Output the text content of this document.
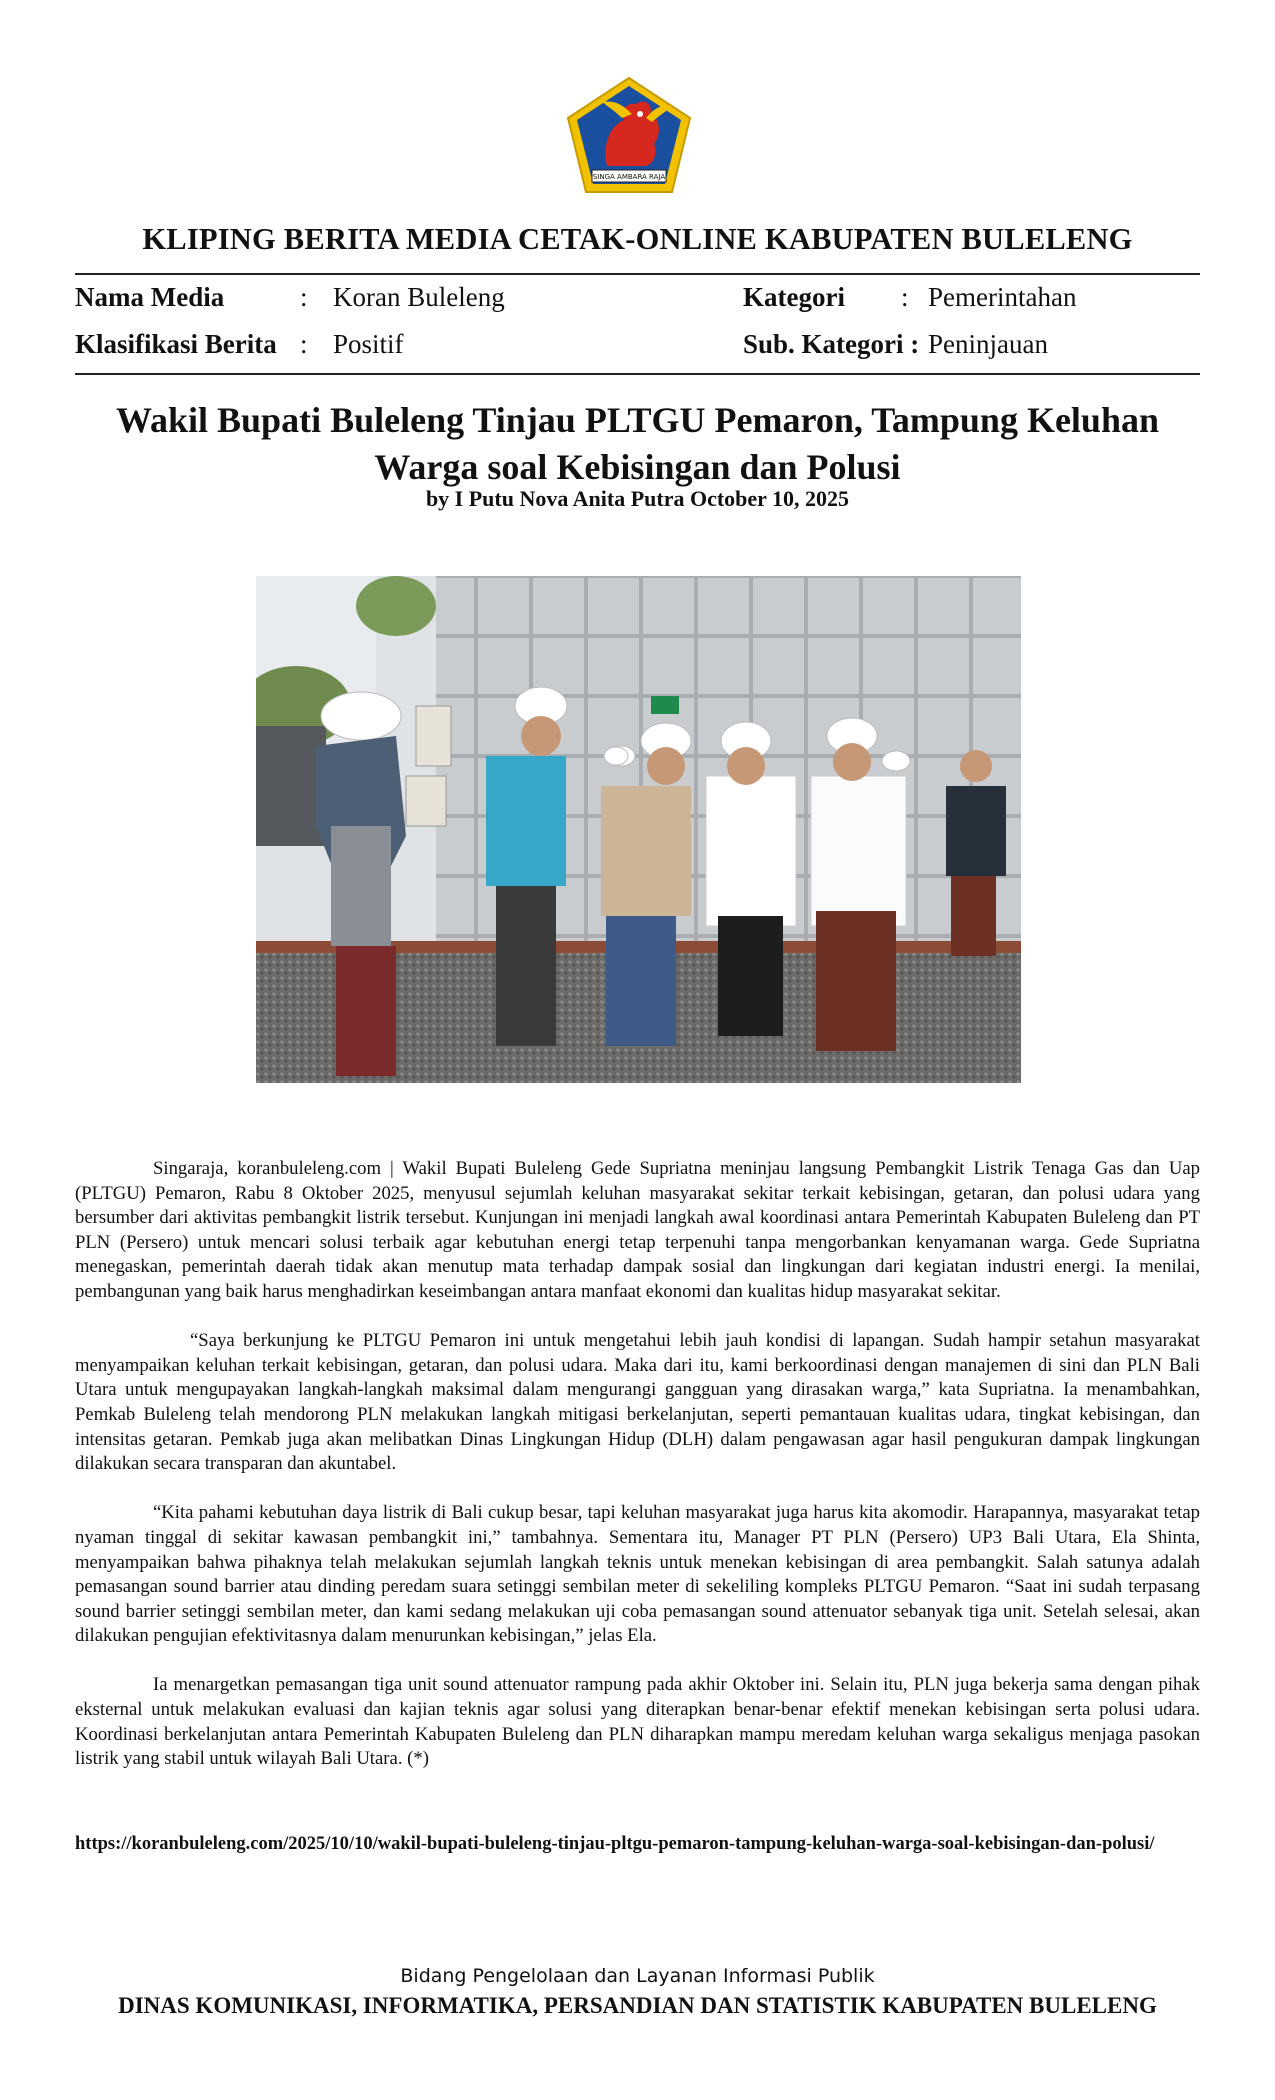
SINGA AMBARA RAJA
KLIPING BERITA MEDIA CETAK-ONLINE KABUPATEN BULELENG
Nama Media	: Koran Buleleng	Kategori : Pemerintahan
Klasifikasi Berita : Positif	Sub. Kategori : Peninjauan
Wakil Bupati Buleleng Tinjau PLTGU Pemaron, Tampung Keluhan
Warga soal Kebisingan dan Polusi
by I Putu Nova Anita Putra October 10, 2025

Singaraja, koranbuleleng.com | Wakil Bupati Buleleng Gede Supriatna meninjau langsung Pembangkit Listrik Tenaga Gas dan Uap (PLTGU) Pemaron, Rabu 8 Oktober 2025, menyusul sejumlah keluhan masyarakat sekitar terkait kebisingan, getaran, dan polusi udara yang bersumber dari aktivitas pembangkit listrik tersebut. Kunjungan ini menjadi langkah awal koordinasi antara Pemerintah Kabupaten Buleleng dan PT PLN (Persero) untuk mencari solusi terbaik agar kebutuhan energi tetap terpenuhi tanpa mengorbankan kenyamanan warga. Gede Supriatna menegaskan, pemerintah daerah tidak akan menutup mata terhadap dampak sosial dan lingkungan dari kegiatan industri energi. Ia menilai, pembangunan yang baik harus menghadirkan keseimbangan antara manfaat ekonomi dan kualitas hidup masyarakat sekitar.

“Saya berkunjung ke PLTGU Pemaron ini untuk mengetahui lebih jauh kondisi di lapangan. Sudah hampir setahun masyarakat menyampaikan keluhan terkait kebisingan, getaran, dan polusi udara. Maka dari itu, kami berkoordinasi dengan manajemen di sini dan PLN Bali Utara untuk mengupayakan langkah-langkah maksimal dalam mengurangi gangguan yang dirasakan warga,” kata Supriatna. Ia menambahkan, Pemkab Buleleng telah mendorong PLN melakukan langkah mitigasi berkelanjutan, seperti pemantauan kualitas udara, tingkat kebisingan, dan intensitas getaran. Pemkab juga akan melibatkan Dinas Lingkungan Hidup (DLH) dalam pengawasan agar hasil pengukuran dampak lingkungan dilakukan secara transparan dan akuntabel.

“Kita pahami kebutuhan daya listrik di Bali cukup besar, tapi keluhan masyarakat juga harus kita akomodir. Harapannya, masyarakat tetap nyaman tinggal di sekitar kawasan pembangkit ini,” tambahnya. Sementara itu, Manager PT PLN (Persero) UP3 Bali Utara, Ela Shinta, menyampaikan bahwa pihaknya telah melakukan sejumlah langkah teknis untuk menekan kebisingan di area pembangkit. Salah satunya adalah pemasangan sound barrier atau dinding peredam suara setinggi sembilan meter di sekeliling kompleks PLTGU Pemaron. “Saat ini sudah terpasang sound barrier setinggi sembilan meter, dan kami sedang melakukan uji coba pemasangan sound attenuator sebanyak tiga unit. Setelah selesai, akan dilakukan pengujian efektivitasnya dalam menurunkan kebisingan,” jelas Ela.

Ia menargetkan pemasangan tiga unit sound attenuator rampung pada akhir Oktober ini. Selain itu, PLN juga bekerja sama dengan pihak eksternal untuk melakukan evaluasi dan kajian teknis agar solusi yang diterapkan benar-benar efektif menekan kebisingan serta polusi udara. Koordinasi berkelanjutan antara Pemerintah Kabupaten Buleleng dan PLN diharapkan mampu meredam keluhan warga sekaligus menjaga pasokan listrik yang stabil untuk wilayah Bali Utara. (*)

https://koranbuleleng.com/2025/10/10/wakil-bupati-buleleng-tinjau-pltgu-pemaron-tampung-keluhan-warga-soal-kebisingan-dan-polusi/
Bidang Pengelolaan dan Layanan Informasi Publik
DINAS KOMUNIKASI, INFORMATIKA, PERSANDIAN DAN STATISTIK KABUPATEN BULELENG
